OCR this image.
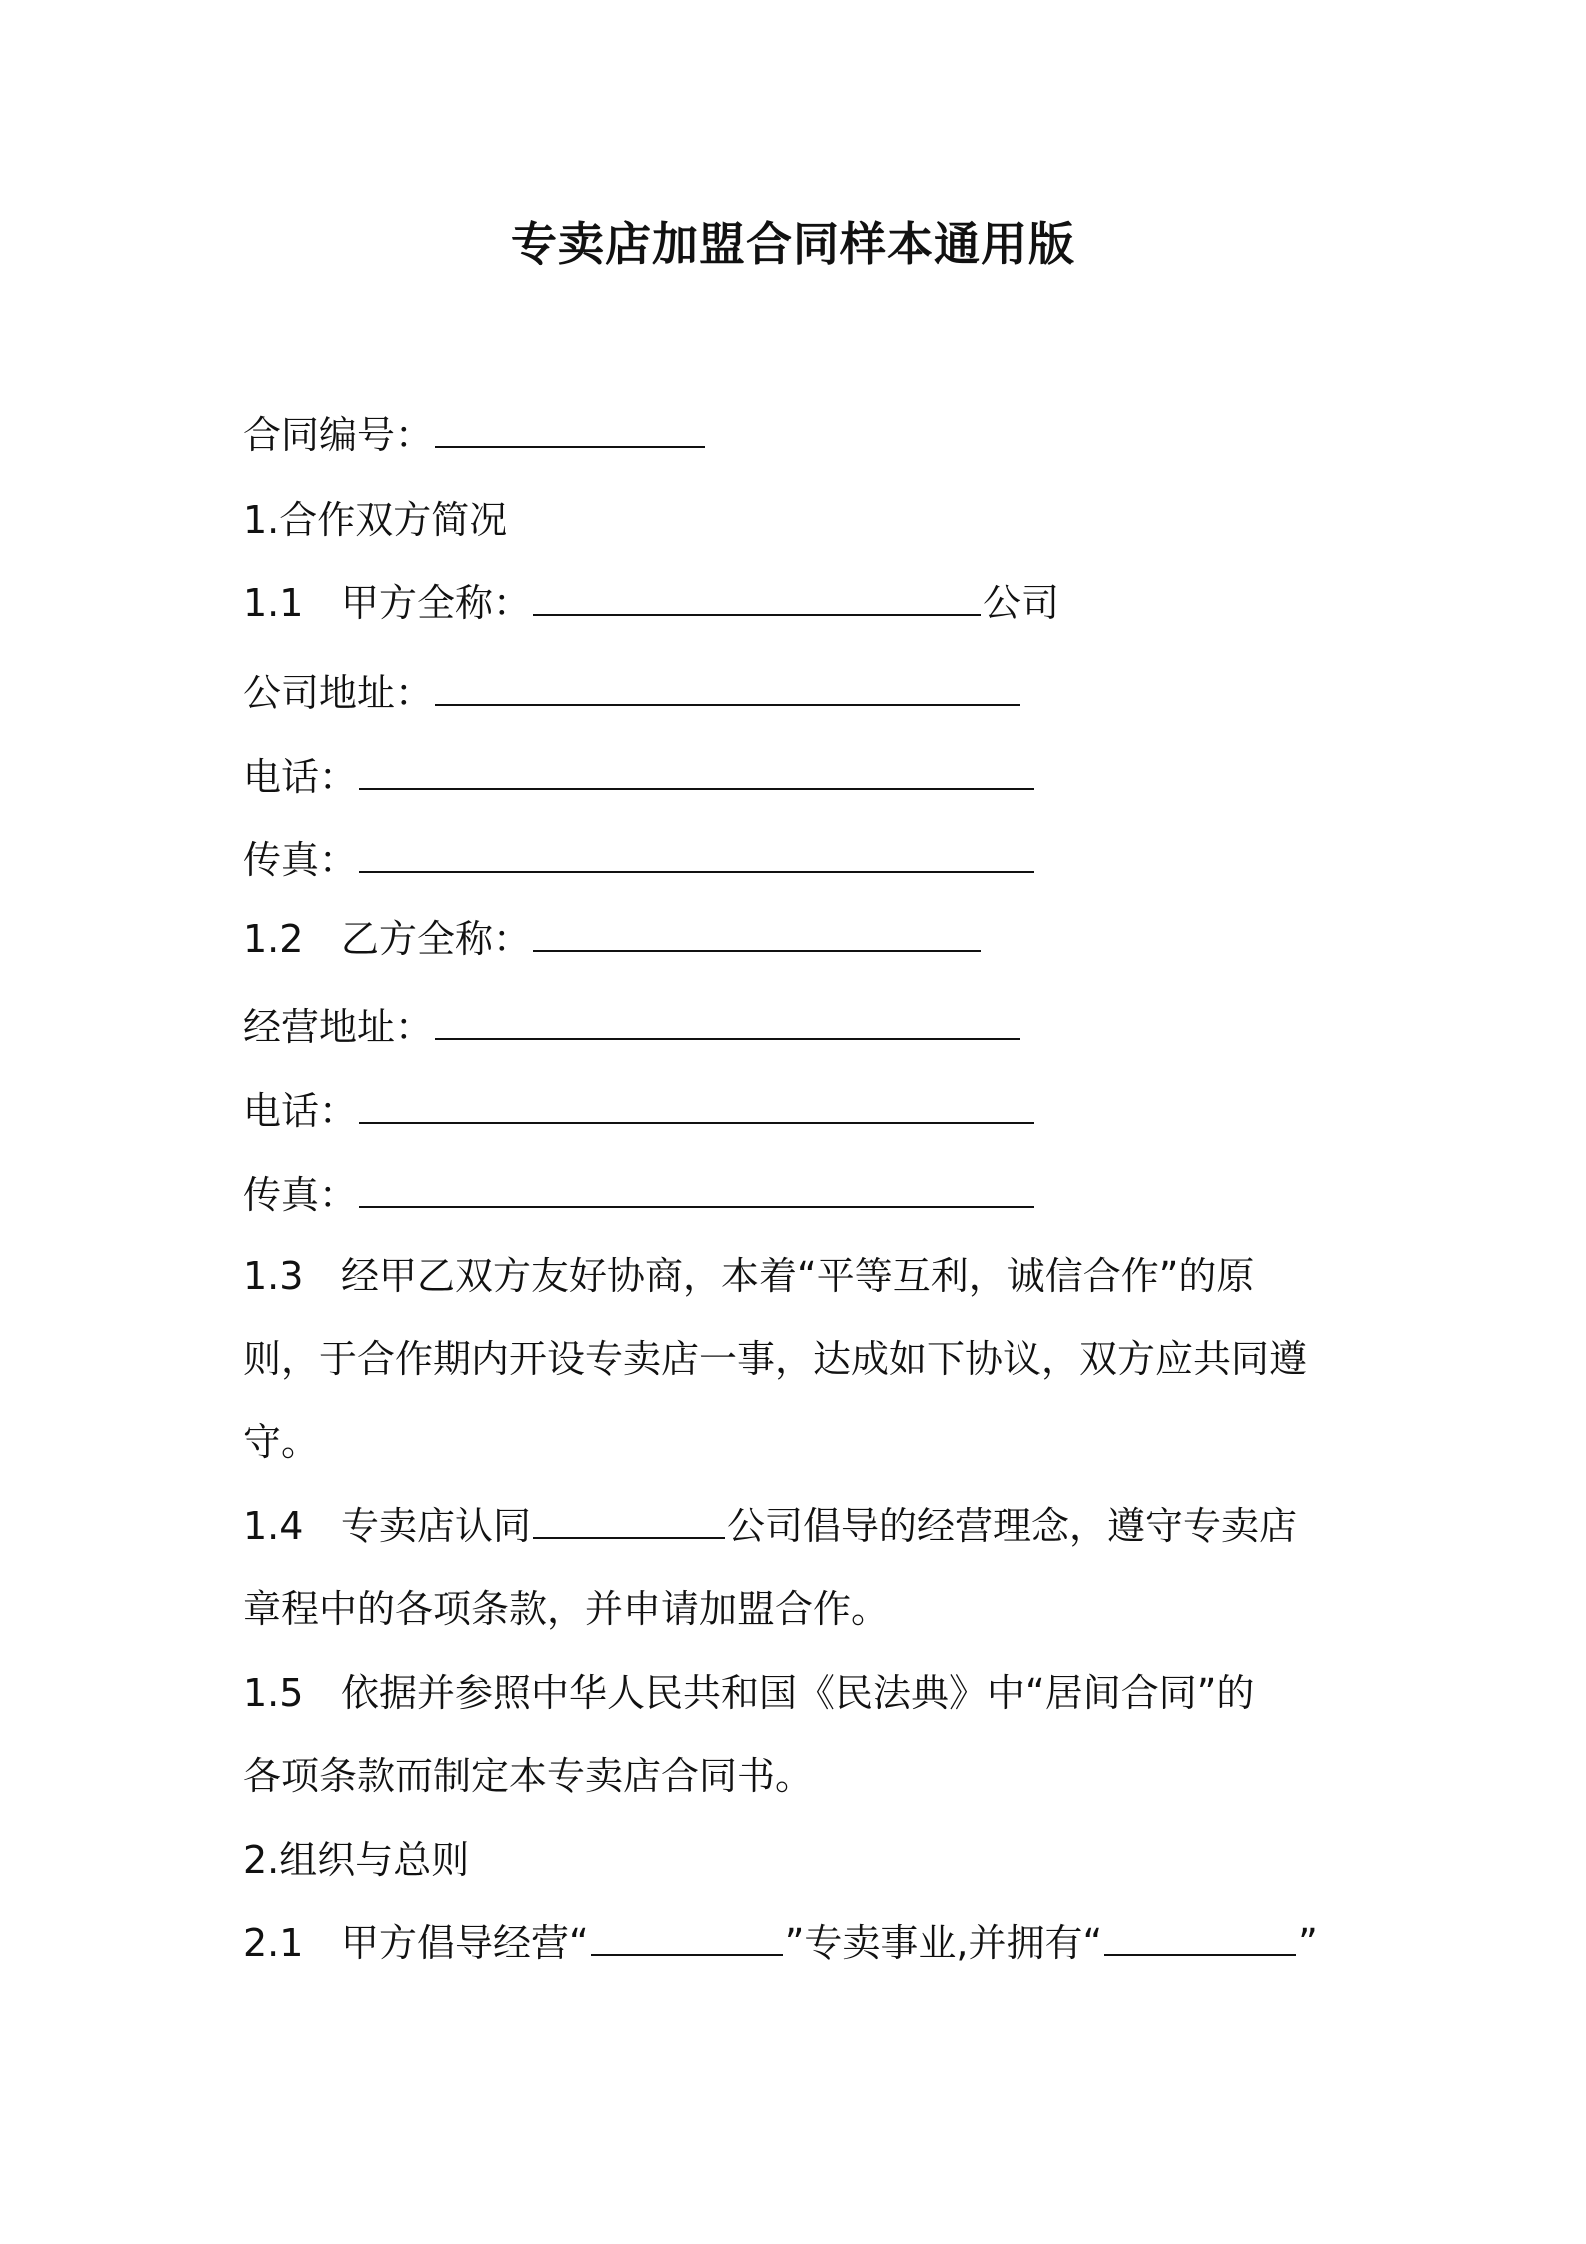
专卖店加盟合同样本通用版
合同编号：
1.合作双方简况
1.1 甲方全称：	公司
公司地址：
电话：
传真：
1.2 乙方全称：
经营地址：
电话：
传真：
1.3 经甲乙双方友好协商，本着“平等互利，诚信合作”的原
则，于合作期内开设专卖店一事，达成如下协议，双方应共同遵
守。
1.4 专卖店认同	公司倡导的经营理念，遵守专卖店
章程中的各项条款，并申请加盟合作。
1.5 依据并参照中华人民共和国《民法典》中“居间合同”的
各项条款而制定本专卖店合同书。
2.组织与总则
2.1 甲方倡导经营“	”专卖事业,并拥有“	”
